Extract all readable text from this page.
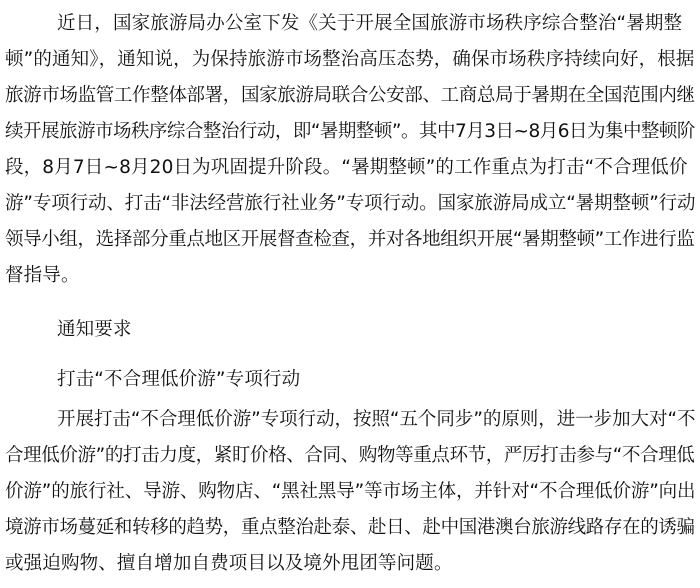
近日，国家旅游局办公室下发《关于开展全国旅游市场秩序综合整治“暑期整
顿”的通知》，通知说，为保持旅游市场整治高压态势，确保市场秩序持续向好，根据
旅游市场监管工作整体部署，国家旅游局联合公安部、工商总局于暑期在全国范围内继
续开展旅游市场秩序综合整治行动，即“暑期整顿”。其中7月3日~8月6日为集中整顿阶
段，8月7日~8月20日为巩固提升阶段。“暑期整顿”的工作重点为打击“不合理低价
游”专项行动、打击“非法经营旅行社业务”专项行动。国家旅游局成立“暑期整顿”行动
领导小组，选择部分重点地区开展督查检查，并对各地组织开展“暑期整顿”工作进行监
督指导。
通知要求
打击“不合理低价游”专项行动
开展打击“不合理低价游”专项行动，按照“五个同步”的原则，进一步加大对“不
合理低价游”的打击力度，紧盯价格、合同、购物等重点环节，严厉打击参与“不合理低
价游”的旅行社、导游、购物店、“黑社黑导”等市场主体，并针对“不合理低价游”向出
境游市场蔓延和转移的趋势，重点整治赴泰、赴日、赴中国港澳台旅游线路存在的诱骗
或强迫购物、擅自增加自费项目以及境外甩团等问题。
